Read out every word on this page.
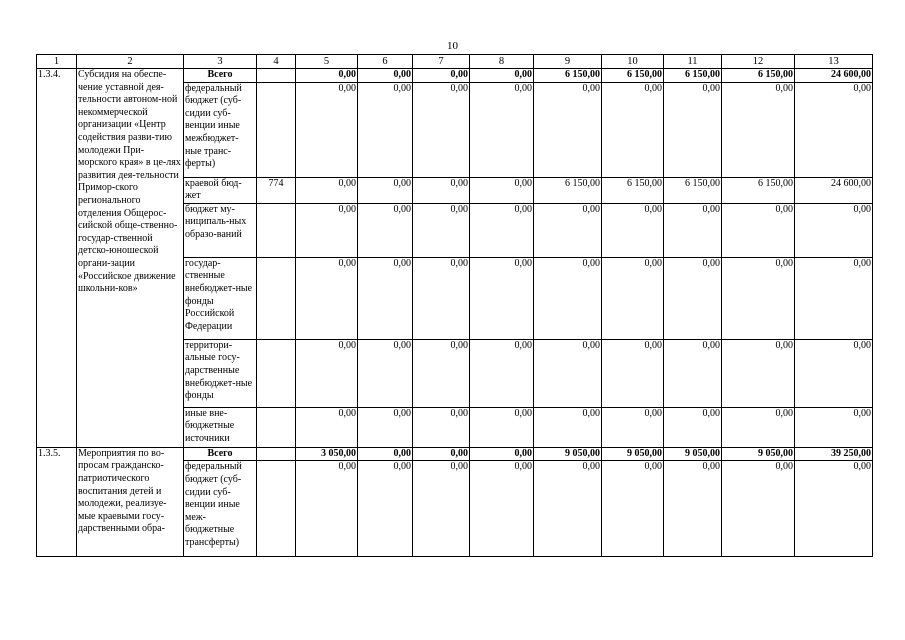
10
1	2	3	4	5	6	7	8	9	10	11	12	13
1.3.4.	Субсидия на обеспе-чение уставной дея-тельности автоном-ной некоммерческой организации «Центр содействия разви-тию молодежи При-морского края» в це-лях развития дея-тельности Примор-ского регионального отделения Общерос-сийской обще-ственно-государ-ственной детско-юношеской органи-зации «Российское движение школьни-ков»	Всего		0,00	0,00	0,00	0,00	6 150,00	6 150,00	6 150,00	6 150,00	24 600,00
		федеральный бюджет (суб-сидии суб-венции иные межбюджет-ные транс-ферты)		0,00	0,00	0,00	0,00	0,00	0,00	0,00	0,00	0,00
		краевой бюд-жет	774	0,00	0,00	0,00	0,00	6 150,00	6 150,00	6 150,00	6 150,00	24 600,00
		бюджет му-ниципаль-ных образо-ваний		0,00	0,00	0,00	0,00	0,00	0,00	0,00	0,00	0,00
		государ-ственные внебюджет-ные фонды Российской Федерации		0,00	0,00	0,00	0,00	0,00	0,00	0,00	0,00	0,00
		территори-альные госу-дарственные внебюджет-ные фонды		0,00	0,00	0,00	0,00	0,00	0,00	0,00	0,00	0,00
		иные вне-бюджетные источники		0,00	0,00	0,00	0,00	0,00	0,00	0,00	0,00	0,00
1.3.5.	Мероприятия по во-просам гражданско-патриотического воспитания детей и молодежи, реализуе-мые краевыми госу-дарственными обра-	Всего		3 050,00	0,00	0,00	0,00	9 050,00	9 050,00	9 050,00	9 050,00	39 250,00
		федеральный бюджет (суб-сидии суб-венции иные меж-бюджетные трансферты)		0,00	0,00	0,00	0,00	0,00	0,00	0,00	0,00	0,00
